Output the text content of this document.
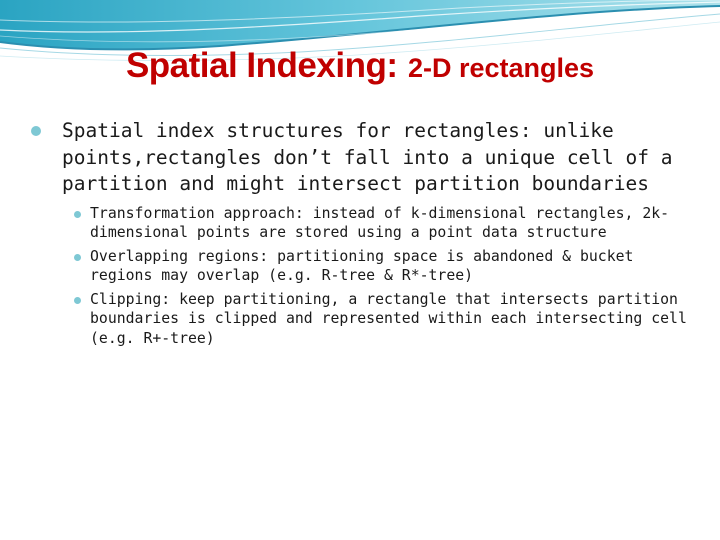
Spatial Indexing: 2-D rectangles
Spatial index structures for rectangles: unlike points,rectangles don’t fall into a unique cell of a partition and might intersect partition boundaries
Transformation approach: instead of k-dimensional rectangles, 2k-dimensional points are stored using a point data structure
Overlapping regions: partitioning space is abandoned & bucket regions may overlap (e.g. R-tree & R*-tree)
Clipping: keep partitioning, a rectangle that intersects partition boundaries is clipped and represented within each intersecting cell (e.g. R+-tree)
